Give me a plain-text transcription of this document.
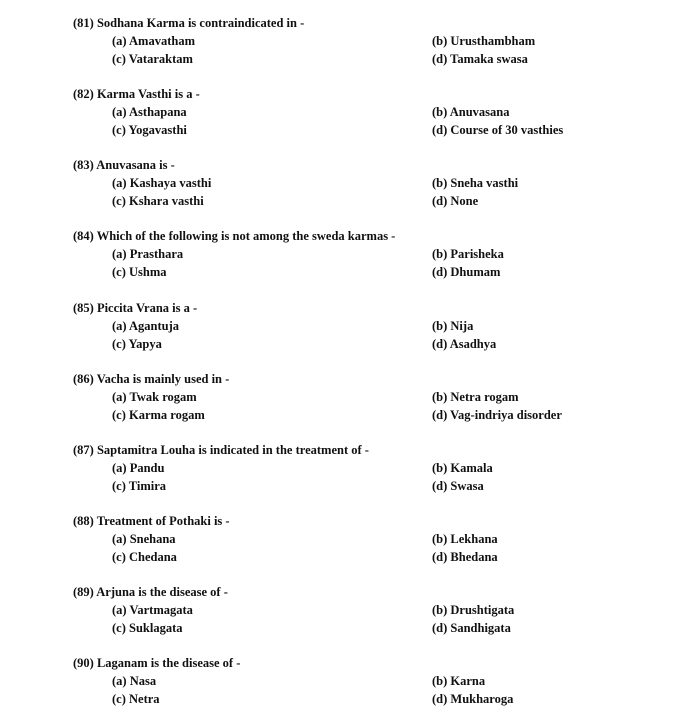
(81) Sodhana Karma is contraindicated in -
(a) Amavatham	(b) Urusthambham
(c) Vataraktam	(d) Tamaka swasa
(82) Karma Vasthi is a -
(a) Asthapana	(b) Anuvasana
(c) Yogavasthi	(d) Course of 30 vasthies
(83) Anuvasana is -
(a) Kashaya vasthi	(b) Sneha vasthi
(c) Kshara vasthi	(d) None
(84) Which of the following is not among the sweda karmas -
(a) Prasthara	(b) Parisheka
(c) Ushma	(d) Dhumam
(85) Piccita Vrana is a -
(a) Agantuja	(b) Nija
(c) Yapya	(d) Asadhya
(86) Vacha is mainly used in -
(a) Twak rogam	(b) Netra rogam
(c) Karma rogam	(d) Vag-indriya disorder
(87) Saptamitra Louha is indicated in the treatment of -
(a) Pandu	(b) Kamala
(c) Timira	(d) Swasa
(88) Treatment of Pothaki is -
(a) Snehana	(b) Lekhana
(c) Chedana	(d) Bhedana
(89) Arjuna is the disease of -
(a) Vartmagata	(b) Drushtigata
(c) Suklagata	(d) Sandhigata
(90) Laganam is the disease of -
(a) Nasa	(b) Karna
(c) Netra	(d) Mukharoga
